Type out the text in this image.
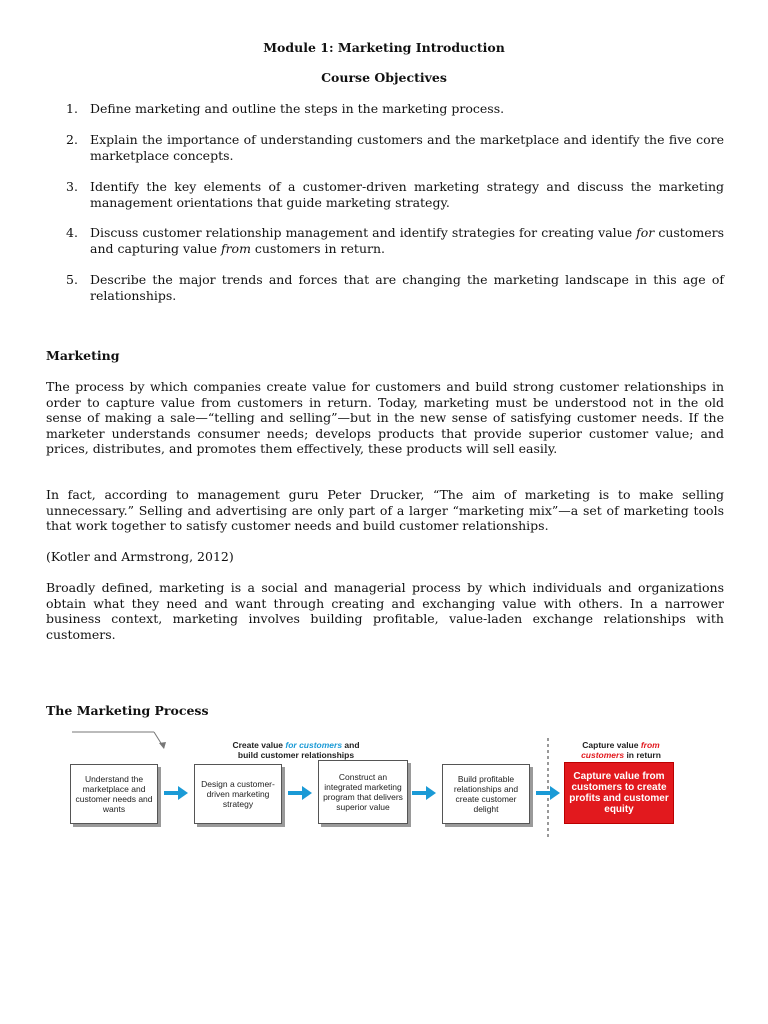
Module 1: Marketing Introduction
Course Objectives
1. Define marketing and outline the steps in the marketing process.
2. Explain the importance of understanding customers and the marketplace and identify the five core marketplace concepts.
3. Identify the key elements of a customer-driven marketing strategy and discuss the marketing management orientations that guide marketing strategy.
4. Discuss customer relationship management and identify strategies for creating value for customers and capturing value from customers in return.
5. Describe the major trends and forces that are changing the marketing landscape in this age of relationships.
Marketing
The process by which companies create value for customers and build strong customer relationships in order to capture value from customers in return. Today, marketing must be understood not in the old sense of making a sale—“telling and selling”—but in the new sense of satisfying customer needs. If the marketer understands consumer needs; develops products that provide superior customer value; and prices, distributes, and promotes them effectively, these products will sell easily.
In fact, according to management guru Peter Drucker, “The aim of marketing is to make selling unnecessary.” Selling and advertising are only part of a larger “marketing mix”—a set of marketing tools that work together to satisfy customer needs and build customer relationships.
(Kotler and Armstrong, 2012)
Broadly defined, marketing is a social and managerial process by which individuals and organizations obtain what they need and want through creating and exchanging value with others. In a narrower business context, marketing involves building profitable, value-laden exchange relationships with customers.
The Marketing Process
Create value for customers and
build customer relationships
Capture value from
customers in return
Understand the marketplace and customer needs and wants
Design a customer-driven marketing strategy
Construct an integrated marketing program that delivers superior value
Build profitable relationships and create customer delight
Capture value from customers to create profits and customer equity
